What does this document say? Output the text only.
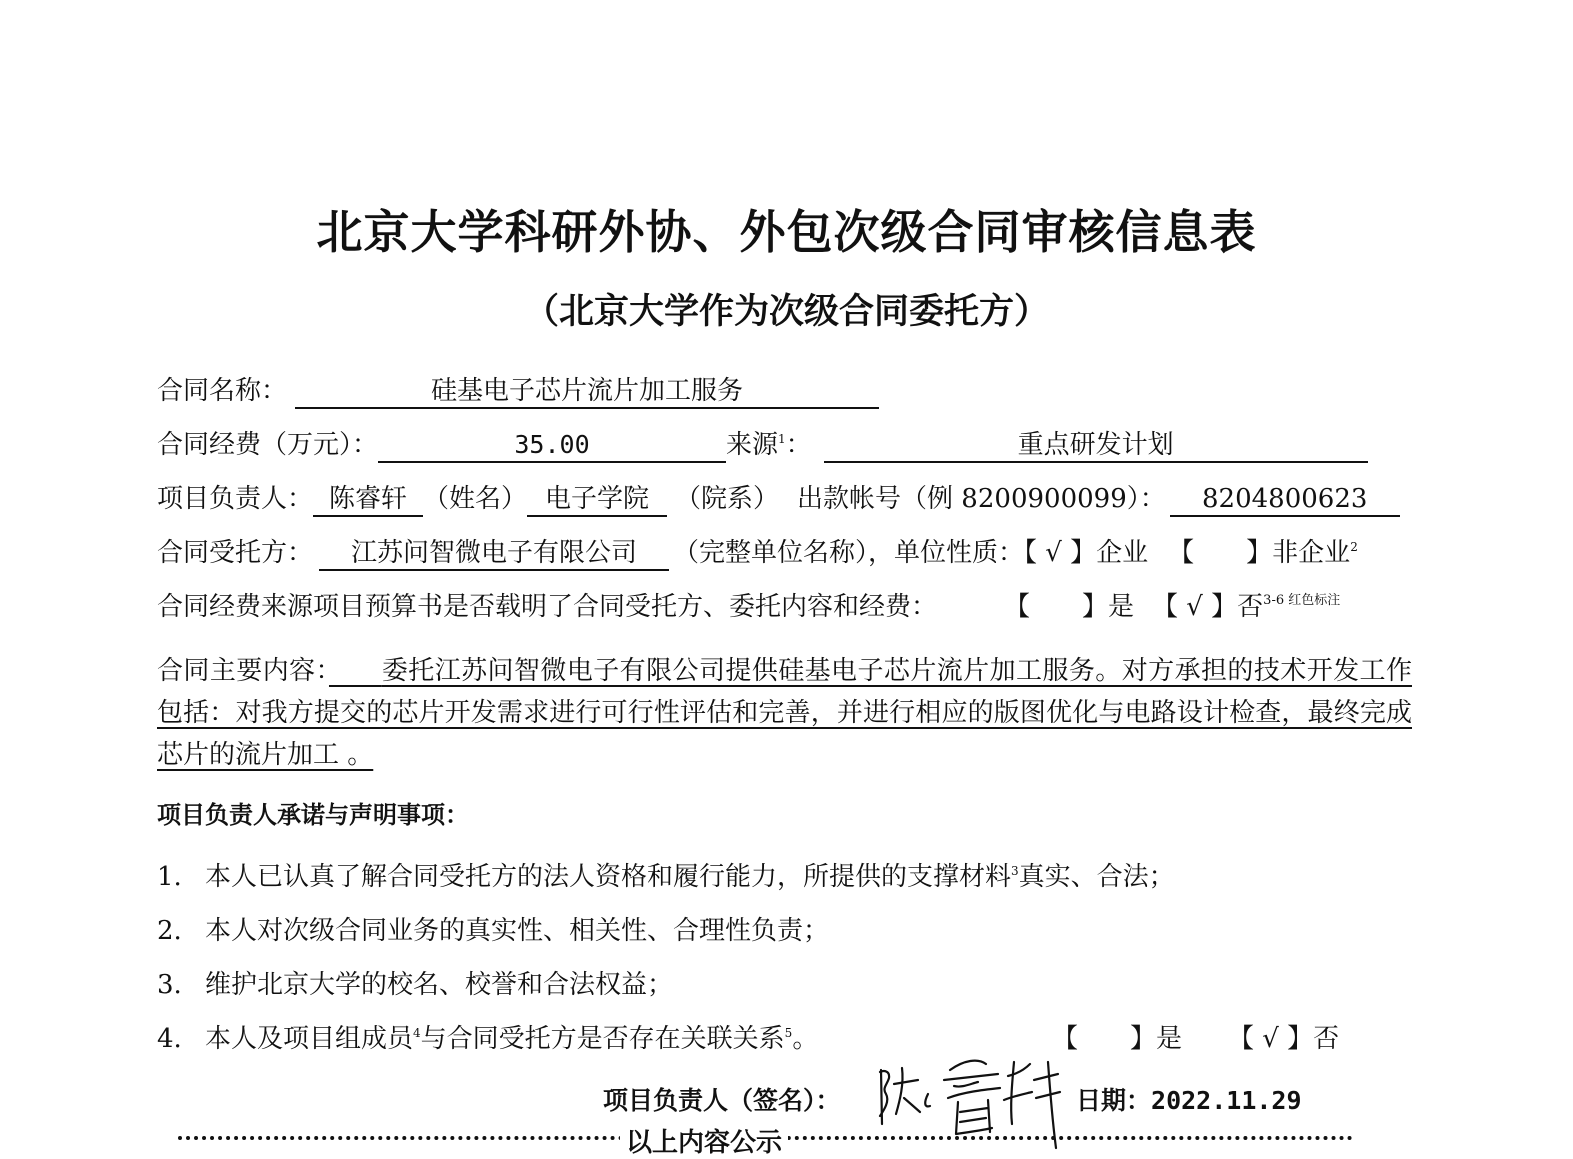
北京大学科研外协、外包次级合同审核信息表
（北京大学作为次级合同委托方）
合同名称：	硅基电子芯片流片加工服务
合同经费（万元）：	35.00	来源$^1$：	重点研发计划
项目负责人： 陈睿轩 （姓名） 电子学院 （院系） 出款帐号（例 8200900099）： 8204800623
合同受托方： 江苏问智微电子有限公司 （完整单位名称），单位性质：【 √ 】企业 【　　】非企业$^2$
合同经费来源项目预算书是否载明了合同受托方、委托内容和经费：	【　　】是 【 √ 】否$^{3-6 红色标注}$
合同主要内容：　　 委托江苏问智微电子有限公司提供硅基电子芯片流片加工服务。对方承担的技术开发工作包括：对我方提交的芯片开发需求进行可行性评估和完善，并进行相应的版图优化与电路设计检查，最终完成芯片的流片加工 。
项目负责人承诺与声明事项：
1. 本人已认真了解合同受托方的法人资格和履行能力，所提供的支撑材料$^3$真实、合法；
2. 本人对次级合同业务的真实性、相关性、合理性负责；
3. 维护北京大学的校名、校誉和合法权益；
4. 本人及项目组成员$^4$与合同受托方是否存在关联关系$^5$。	【　　】是 【 √ 】否
项目负责人（签名）：	日期：2022.11.29
以上内容公示
